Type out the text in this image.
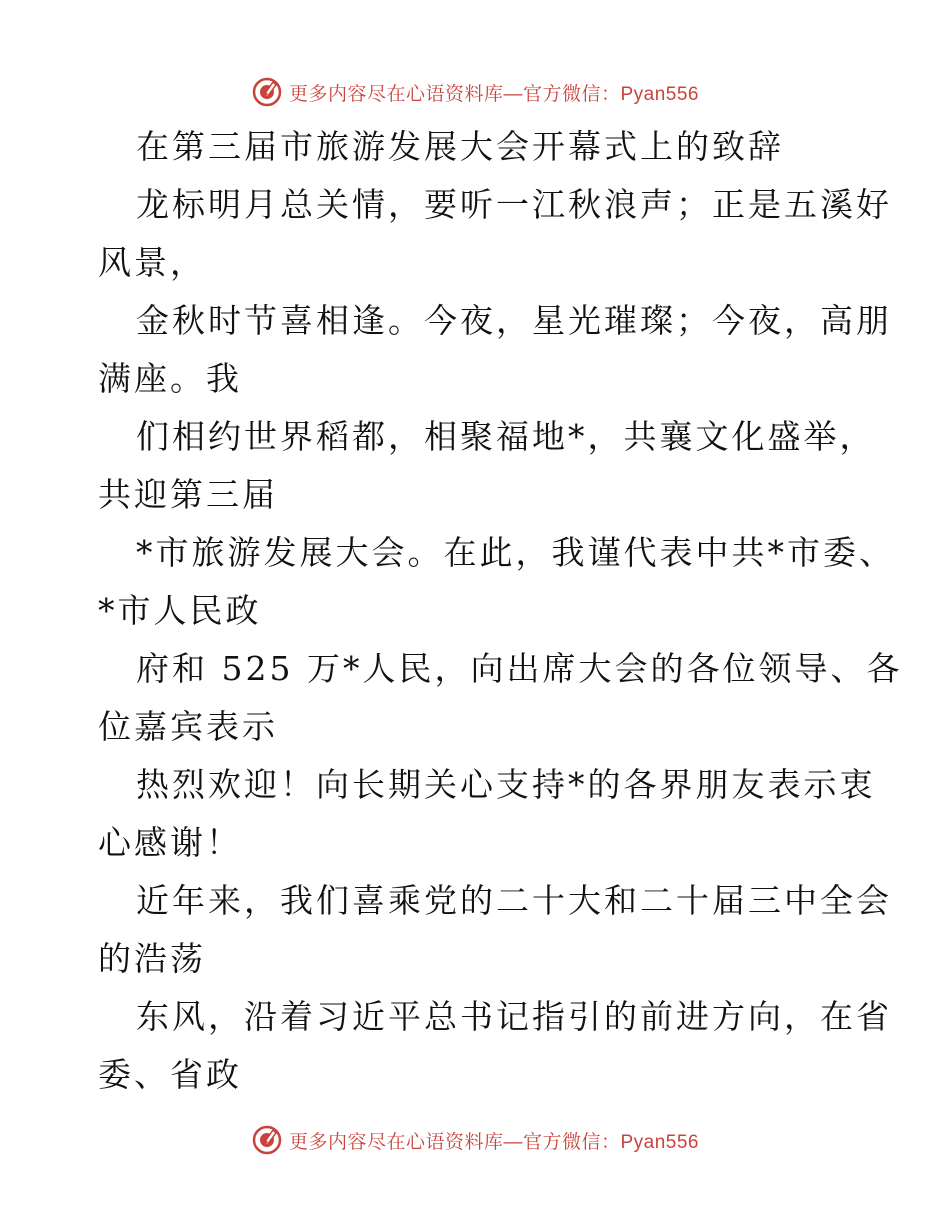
更多内容尽在心语资料库—官方微信：Pyan556
在第三届市旅游发展大会开幕式上的致辞
龙标明月总关情，要听一江秋浪声；正是五溪好
风景，
金秋时节喜相逢。今夜，星光璀璨；今夜，高朋
满座。我
们相约世界稻都，相聚福地*，共襄文化盛举，
共迎第三届
*市旅游发展大会。在此，我谨代表中共*市委、
*市人民政
府和 525 万*人民，向出席大会的各位领导、各
位嘉宾表示
热烈欢迎！向长期关心支持*的各界朋友表示衷
心感谢！
近年来，我们喜乘党的二十大和二十届三中全会
的浩荡
东风，沿着习近平总书记指引的前进方向，在省
委、省政
更多内容尽在心语资料库—官方微信：Pyan556
